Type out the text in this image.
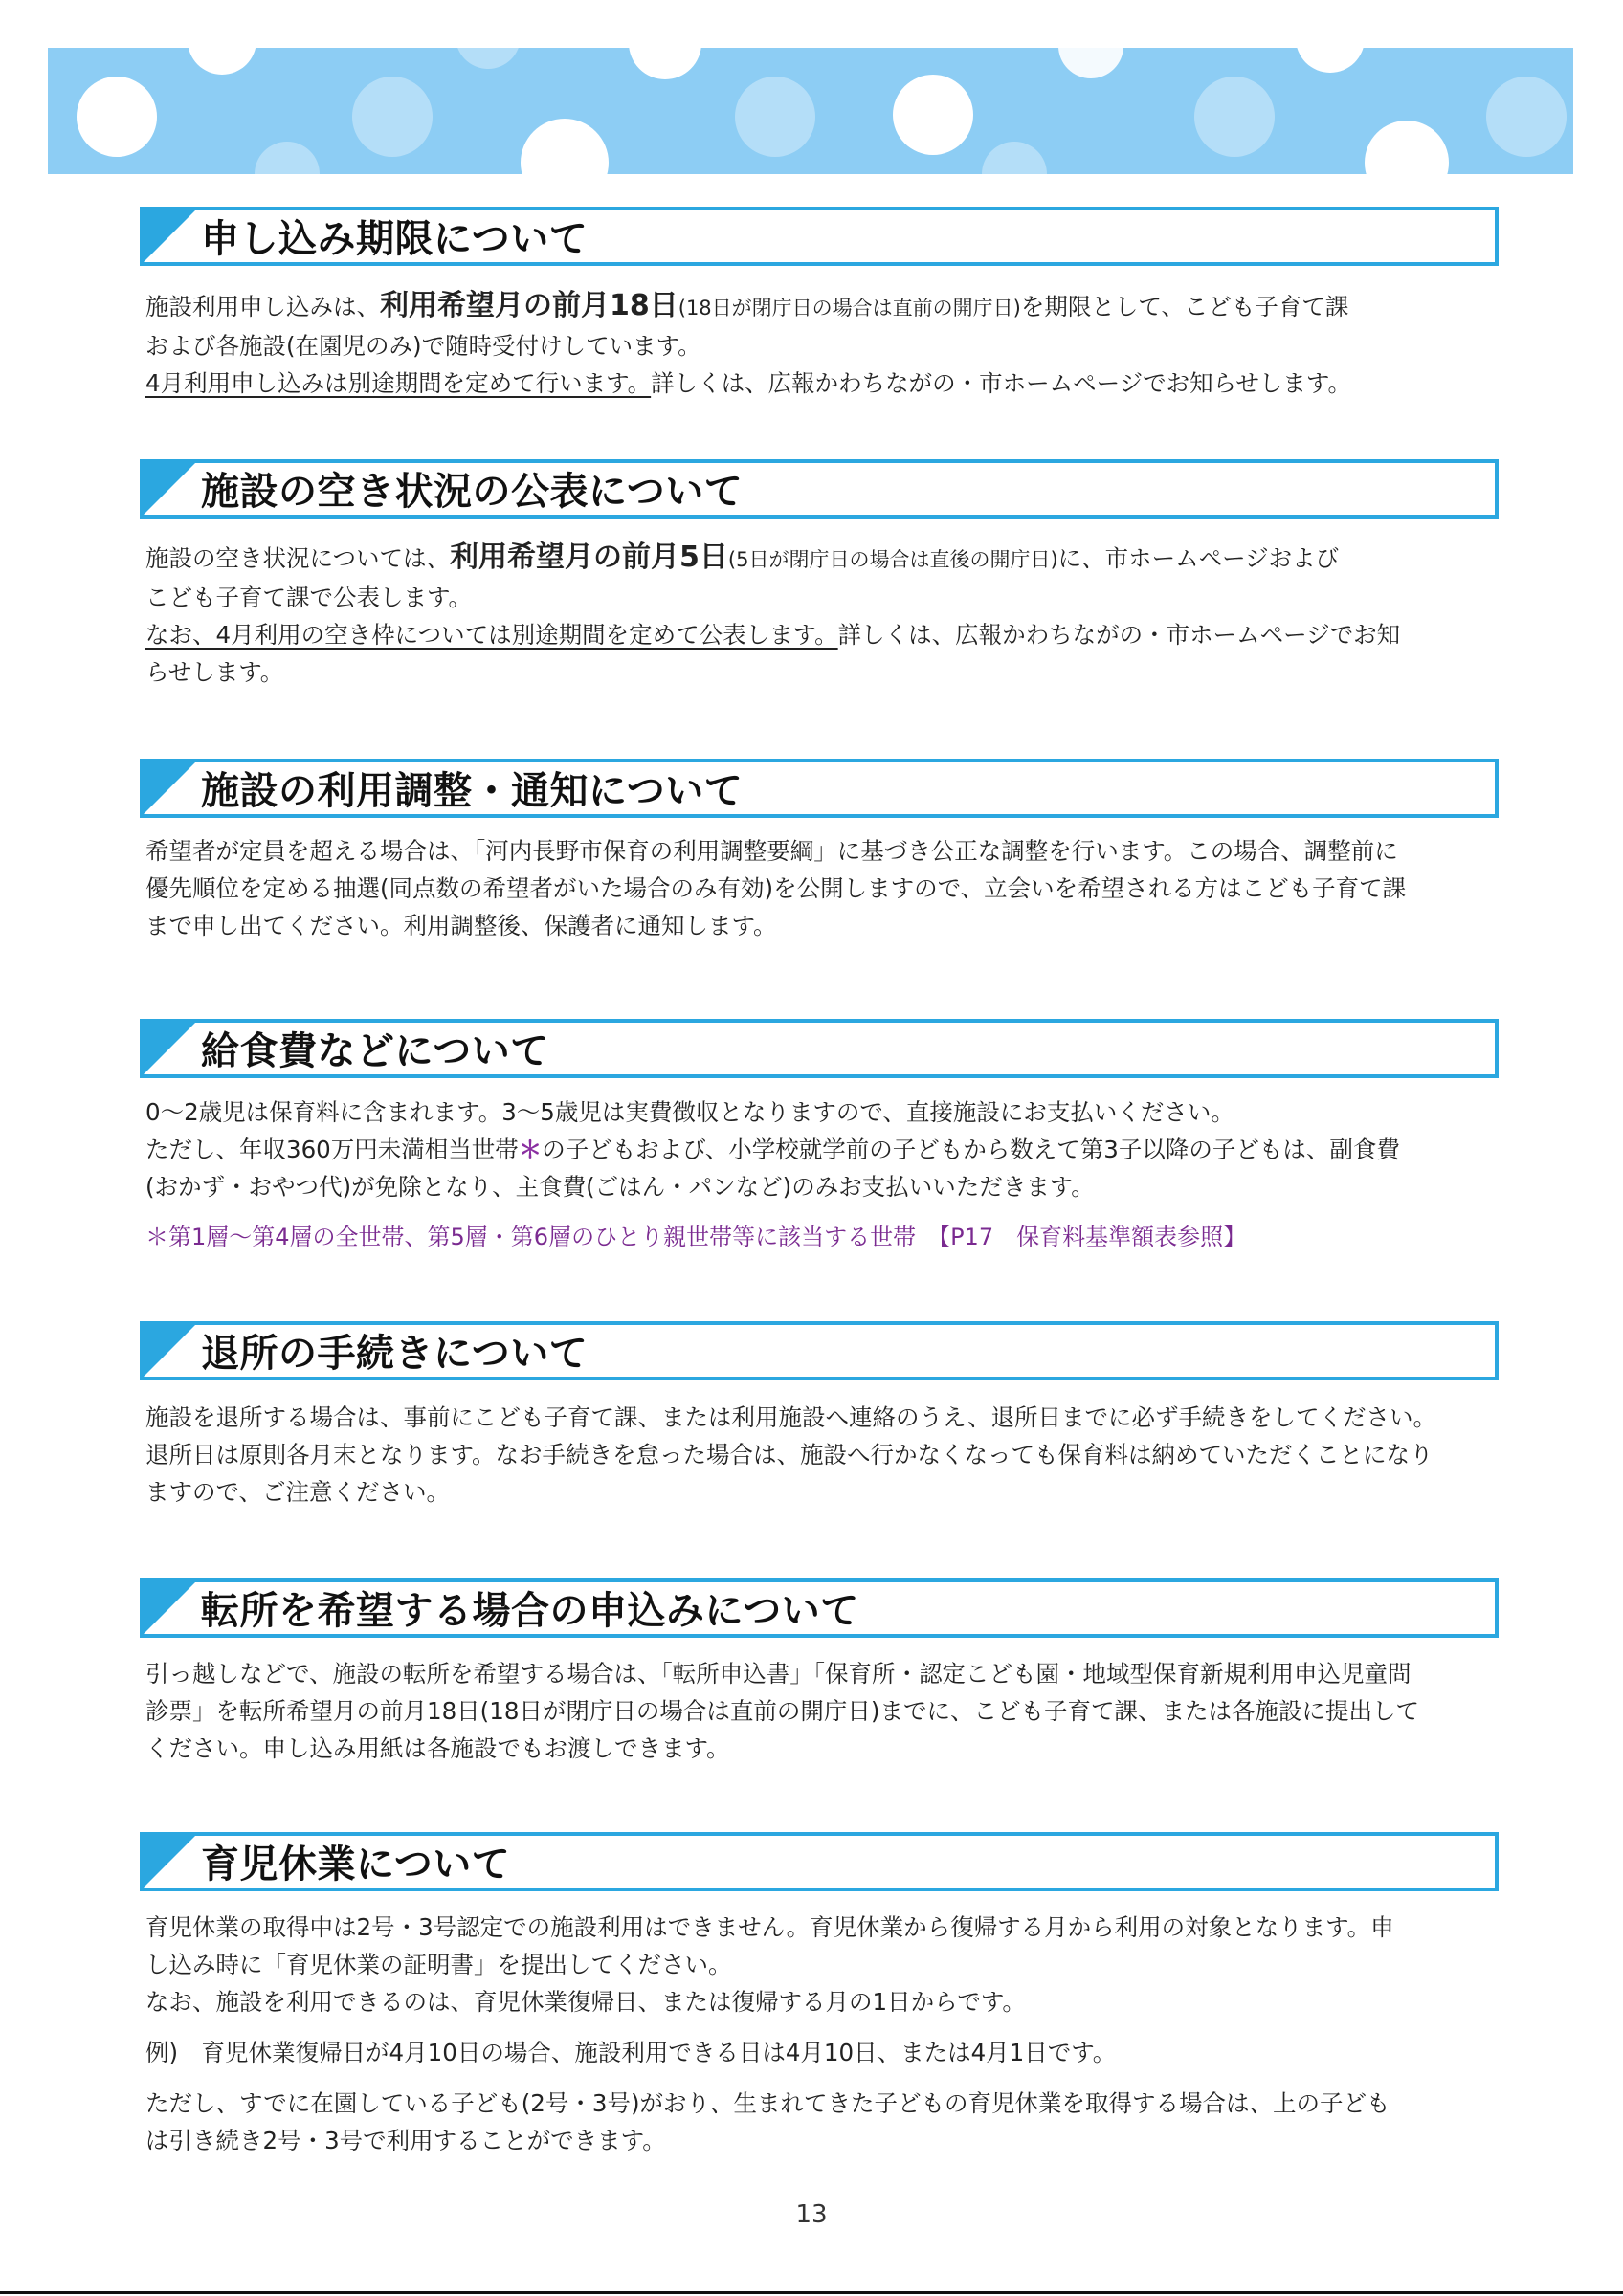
申し込み期限について

施設利用申し込みは、利用希望月の前月18日(18日が閉庁日の場合は直前の開庁日)を期限として、こども子育て課
および各施設(在園児のみ)で随時受付けしています。
4月利用申し込みは別途期間を定めて行います。詳しくは、広報かわちながの・市ホームページでお知らせします。

施設の空き状況の公表について

施設の空き状況については、利用希望月の前月5日(5日が閉庁日の場合は直後の開庁日)に、市ホームページおよび
こども子育て課で公表します。
なお、4月利用の空き枠については別途期間を定めて公表します。詳しくは、広報かわちながの・市ホームページでお知
らせします。

施設の利用調整・通知について

希望者が定員を超える場合は、「河内長野市保育の利用調整要綱」に基づき公正な調整を行います。この場合、調整前に
優先順位を定める抽選(同点数の希望者がいた場合のみ有効)を公開しますので、立会いを希望される方はこども子育て課
まで申し出てください。利用調整後、保護者に通知します。

給食費などについて

0～2歳児は保育料に含まれます。3～5歳児は実費徴収となりますので、直接施設にお支払いください。
ただし、年収360万円未満相当世帯＊の子どもおよび、小学校就学前の子どもから数えて第3子以降の子どもは、副食費
(おかず・おやつ代)が免除となり、主食費(ごはん・パンなど)のみお支払いいただきます。

＊第1層～第4層の全世帯、第5層・第6層のひとり親世帯等に該当する世帯　【P17　保育料基準額表参照】

退所の手続きについて

施設を退所する場合は、事前にこども子育て課、または利用施設へ連絡のうえ、退所日までに必ず手続きをしてください。
退所日は原則各月末となります。なお手続きを怠った場合は、施設へ行かなくなっても保育料は納めていただくことになり
ますので、ご注意ください。

転所を希望する場合の申込みについて

引っ越しなどで、施設の転所を希望する場合は、「転所申込書」「保育所・認定こども園・地域型保育新規利用申込児童問
診票」を転所希望月の前月18日(18日が閉庁日の場合は直前の開庁日)までに、こども子育て課、または各施設に提出して
ください。申し込み用紙は各施設でもお渡しできます。

育児休業について

育児休業の取得中は2号・3号認定での施設利用はできません。育児休業から復帰する月から利用の対象となります。申
し込み時に「育児休業の証明書」を提出してください。
なお、施設を利用できるのは、育児休業復帰日、または復帰する月の1日からです。

例)　育児休業復帰日が4月10日の場合、施設利用できる日は4月10日、または4月1日です。

ただし、すでに在園している子ども(2号・3号)がおり、生まれてきた子どもの育児休業を取得する場合は、上の子ども
は引き続き2号・3号で利用することができます。

13
